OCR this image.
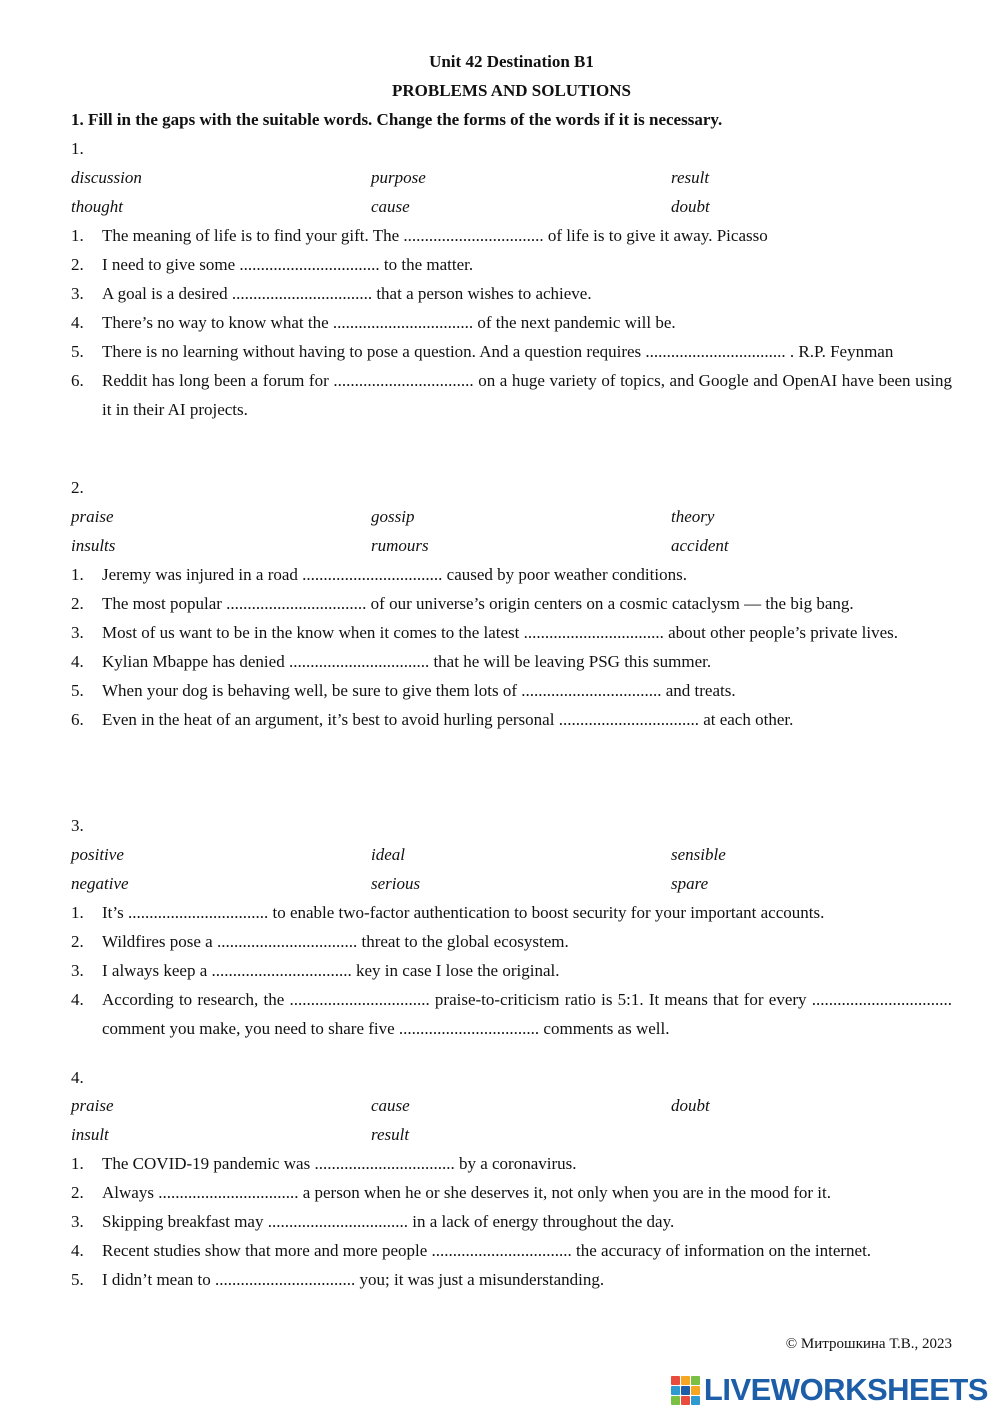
Unit 42 Destination B1
PROBLEMS AND SOLUTIONS
1. Fill in the gaps with the suitable words. Change the forms of the words if it is necessary.
1.
discussion	purpose	result
thought	cause	doubt
1. The meaning of life is to find your gift. The ................................. of life is to give it away. Picasso
2. I need to give some ................................. to the matter.
3. A goal is a desired ................................. that a person wishes to achieve.
4. There’s no way to know what the ................................. of the next pandemic will be.
5. There is no learning without having to pose a question. And a question requires ................................. . R.P. Feynman
6. Reddit has long been a forum for ................................. on a huge variety of topics, and Google and OpenAI have been using it in their AI projects.
2.
praise	gossip	theory
insults	rumours	accident
1. Jeremy was injured in a road ................................. caused by poor weather conditions.
2. The most popular ................................. of our universe’s origin centers on a cosmic cataclysm — the big bang.
3. Most of us want to be in the know when it comes to the latest ................................. about other people’s private lives.
4. Kylian Mbappe has denied ................................. that he will be leaving PSG this summer.
5. When your dog is behaving well, be sure to give them lots of ................................. and treats.
6. Even in the heat of an argument, it’s best to avoid hurling personal ................................. at each other.
3.
positive	ideal	sensible
negative	serious	spare
1. It’s ................................. to enable two-factor authentication to boost security for your important accounts.
2. Wildfires pose a ................................. threat to the global ecosystem.
3. I always keep a ................................. key in case I lose the original.
4. According to research, the ................................. praise-to-criticism ratio is 5:1. It means that for every ................................. comment you make, you need to share five ................................. comments as well.
4.
praise	cause	doubt
insult	result
1. The COVID-19 pandemic was ................................. by a coronavirus.
2. Always ................................. a person when he or she deserves it, not only when you are in the mood for it.
3. Skipping breakfast may ................................. in a lack of energy throughout the day.
4. Recent studies show that more and more people ................................. the accuracy of information on the internet.
5. I didn’t mean to ................................. you; it was just a misunderstanding.
© Митрошкина Т.В., 2023
LIVEWORKSHEETS
